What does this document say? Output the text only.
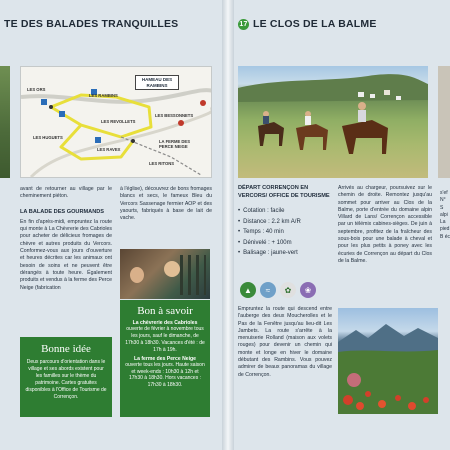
TE DES BALADES TRANQUILLES	17 LE CLOS DE LA BALME
HAMEAU DES RAMBINS
LES RAMBINS
LES ORS
LES BESSONNETS
LES REVOLLETS
LES HUGUETS
LES RAVEX
LES RITONS
LA FERME DES PERCE NEIGE

avant de retourner au village par le cheminement piéton.

LA BALADE DES GOURMANDS

En fin d'après-midi, empruntez la route qui monte à La Chèvrerie des Cabrioles pour acheter de délicieux fromages de chèvre et autres produits du Vercors. Conformez-vous aux jours d'ouverture et heures décrites car les animaux ont besoin de soins et ne peuvent être dérangés à toute heure. Également produits et vendus à la ferme des Perce Neige (fabrication

à l'église), découvrez de bons fromages blancs et secs, le fameux Bleu du Vercors Sassenage fermier AOP et des yaourts, fabriqués à base de lait de vache.

Bonne idée
Deux parcours d'orientation dans le village et ses abords existent pour les familles sur le thème du patrimoine. Cartes gratuites disponibles à l'Office de Tourisme de Corrençon.
Bon à savoir
La chèvrerie des Cabrioles
ouverte de février à novembre tous les jours, sauf le dimanche, de 17h30 à 18h30. Vacances d'été : de 17h à 19h.
La ferme des Perce Neige
ouverte tous les jours. Haute saison et week-ends : 10h30 à 12h et 17h30 à 18h30. Hors vacances : 17h30 à 18h30.
DÉPART CORRENÇON EN VERCORS/ OFFICE DE TOURISME
• Cotation : facile
• Distance : 2.2 km A/R
• Temps : 40 min
• Dénivelé : + 100m
• Balisage : jaune-vert
▲	≈	✿	❀

Empruntez la route qui descend entre l'auberge des deux Moucherolles et le Pas de la Fenêtre jusqu'au lieu-dit Les Jambets. La route s'arrête à la menuiserie Rolland (maison aux volets rouges) pour devenir un chemin qui monte et longe en hiver le domaine débutant des Rambins. Vous pouvez admirer de beaux panoramas du village de Corrençon.

Arrivés au chargeur, poursuivez sur le chemin de droite. Remontez jusqu'au sommet pour arriver au Clos de la Balme, porte d'entrée du domaine alpin Villard de Lans/ Corrençon accessible par un télémix cabines-sièges. De juin à septembre, profitez de la fraîcheur des sous-bois pour une balade à cheval et pour les plus petits à poney avec les écuries de Corrençon au départ du Clos de la Balme.

s'ef N° S alpi La pied B éc
